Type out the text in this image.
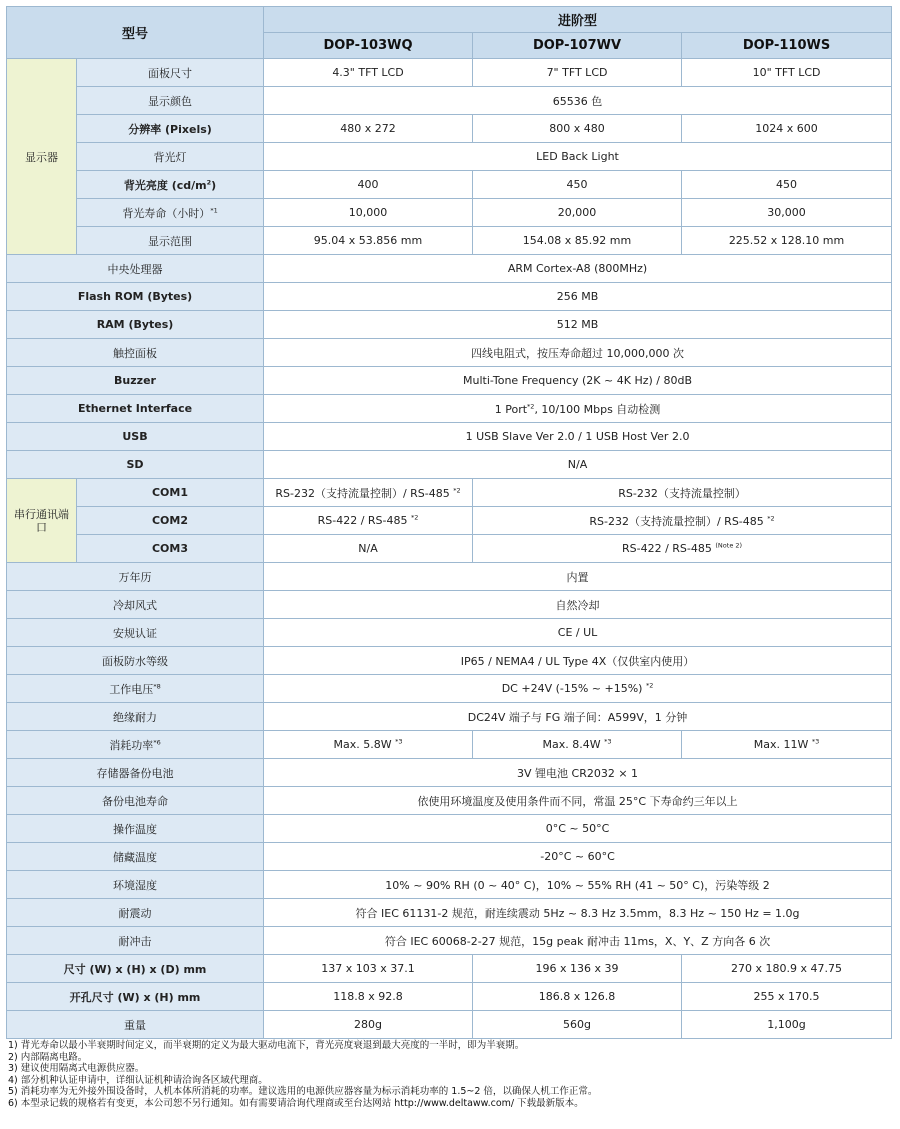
型号		进阶型		
		DOP-103WQ	DOP-107WV	DOP-110WS
显示器	面板尺寸	4.3" TFT LCD	7" TFT LCD	10" TFT LCD
	显示颜色	65536 色		
	分辨率 (Pixels)	480 x 272	800 x 480	1024 x 600
	背光灯	LED Back Light		
	背光亮度 $(cd/m^2)$	400	450	450
	背光寿命（小时）$^{*1}$	10,000	20,000	30,000
	显示范围	95.04 x 53.856 mm	154.08 x 85.92 mm	225.52 x 128.10 mm
中央处理器		ARM Cortex-A8 (800MHz)		
Flash ROM (Bytes)		256 MB		
RAM (Bytes)		512 MB		
触控面板		四线电阻式，按压寿命超过 10,000,000 次		
Buzzer		Multi-Tone Frequency (2K ~ 4K Hz) / 80dB		
Ethernet Interface		1 Port$^{*2}$, 10/100 Mbps 自动检测		
USB		1 USB Slave Ver 2.0 / 1 USB Host Ver 2.0		
SD		N/A		
串行通讯端口	COM1	RS-232（支持流量控制）/ RS-485 $^{*2}$	RS-232（支持流量控制）	
	COM2	RS-422 / RS-485 $^{*2}$	RS-232（支持流量控制）/ RS-485 $^{*2}$
	COM3	N/A	RS-422 / RS-485 $^{(Note 2)}$
万年历		内置		
冷却风式		自然冷却		
安规认证		CE / UL		
面板防水等级		IP65 / NEMA4 / UL Type 4X（仅供室内使用）		
工作电压$^{*8}$		DC +24V (-15% ~ +15%) $^{*2}$
绝缘耐力		DC24V 端子与 FG 端子间：A599V，1 分钟		
消耗功率$^{*6}$		Max. 5.8W $^{*3}$	Max. 8.4W $^{*3}$	Max. 11W $^{*3}$
存储器备份电池		3V 锂电池 CR2032 × 1		
备份电池寿命		依使用环境温度及使用条件而不同，常温 25°C 下寿命约三年以上		
操作温度		0°C ~ 50°C		
储藏温度		-20°C ~ 60°C		
环境湿度		10% ~ 90% RH (0 ~ 40° C)，10% ~ 55% RH (41 ~ 50° C)，污染等级 2		
耐震动		符合 IEC 61131-2 规范，耐连续震动 5Hz ~ 8.3 Hz 3.5mm，8.3 Hz ~ 150 Hz = 1.0g		
耐冲击		符合 IEC 60068-2-27 规范，15g peak 耐冲击 11ms，X、Y、Z 方向各 6 次		
尺寸 (W) x (H) x (D) mm		137 x 103 x 37.1	196 x 136 x 39	270 x 180.9 x 47.75
开孔尺寸 (W) x (H) mm		118.8 x 92.8	186.8 x 126.8	255 x 170.5
重量		280g	560g	1,100g
1) 背光寿命以最小半衰期时间定义，而半衰期的定义为最大驱动电流下，背光亮度衰退到最大亮度的一半时，即为半衰期。
2) 内部隔离电路。
3) 建议使用隔离式电源供应器。
4) 部分机种认证申请中，详细认证机种请洽询各区域代理商。
5) 消耗功率为无外接外围设备时，人机本体所消耗的功率。建议选用的电源供应器容量为标示消耗功率的 1.5~2 倍，以确保人机工作正常。
6) 本型录记载的规格若有变更，本公司恕不另行通知。如有需要请洽询代理商或至台达网站 http://www.deltaww.com/ 下载最新版本。
